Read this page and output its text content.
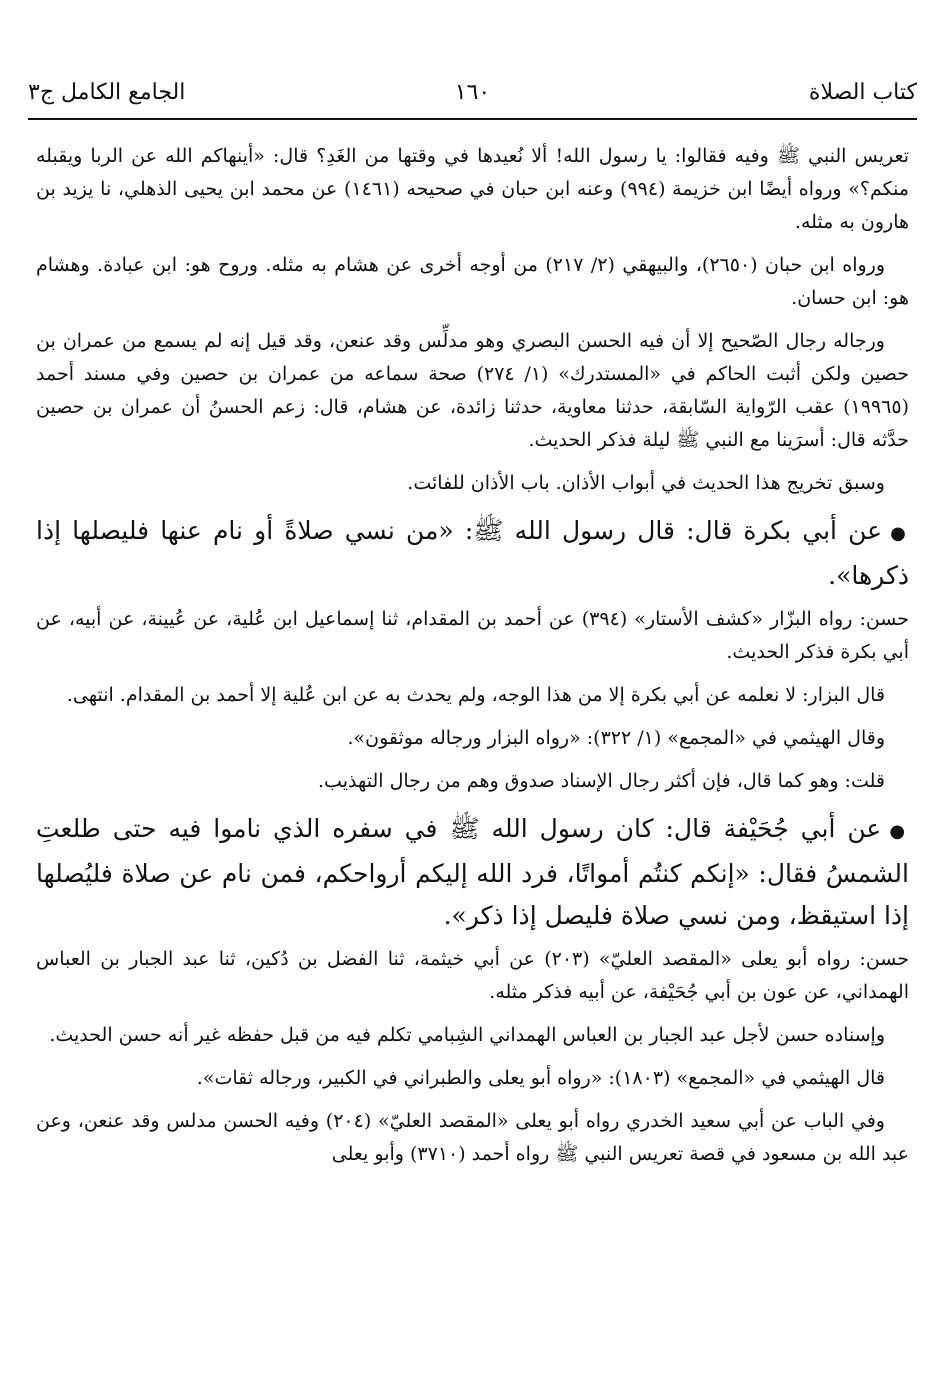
كتاب الصلاة
١٦٠
الجامع الكامل ج٣

تعريس النبي ﷺ وفيه فقالوا: يا رسول الله! ألا نُعيدها في وقتها من الغَدِ؟ قال: «أينهاكم الله عن الربا ويقبله منكم؟» ورواه أيضًا ابن خزيمة (٩٩٤) وعنه ابن حبان في صحيحه (١٤٦١) عن محمد ابن يحيى الذهلي، نا يزيد بن هارون به مثله.

ورواه ابن حبان (٢٦٥٠)، والبيهقي (٢/ ٢١٧) من أوجه أخرى عن هشام به مثله. وروح هو: ابن عبادة. وهشام هو: ابن حسان.

ورجاله رجال الصّحيح إلا أن فيه الحسن البصري وهو مدلِّس وقد عنعن، وقد قيل إنه لم يسمع من عمران بن حصين ولكن أثبت الحاكم في «المستدرك» (١/ ٢٧٤) صحة سماعه من عمران بن حصين وفي مسند أحمد (١٩٩٦٥) عقب الرّواية السّابقة، حدثنا معاوية، حدثنا زائدة، عن هشام، قال: زعم الحسنُ أن عمران بن حصين حدَّثه قال: أسرَينا مع النبي ﷺ ليلة فذكر الحديث.

وسبق تخريج هذا الحديث في أبواب الأذان. باب الأذان للفائت.

●عن أبي بكرة قال: قال رسول الله ﷺ: «من نسي صلاةً أو نام عنها فليصلها إذا ذكرها».

حسن: رواه البزّار «كشف الأستار» (٣٩٤) عن أحمد بن المقدام، ثنا إسماعيل ابن عُلية، عن عُيينة، عن أبيه، عن أبي بكرة فذكر الحديث.

قال البزار: لا نعلمه عن أبي بكرة إلا من هذا الوجه، ولم يحدث به عن ابن عُلية إلا أحمد بن المقدام. انتهى.

وقال الهيثمي في «المجمع» (١/ ٣٢٢): «رواه البزار ورجاله موثقون».

قلت: وهو كما قال، فإن أكثر رجال الإسناد صدوق وهم من رجال التهذيب.

●عن أبي جُحَيْفة قال: كان رسول الله ﷺ في سفره الذي ناموا فيه حتى طلعتِ الشمسُ فقال: «إنكم كنتُم أمواتًا، فرد الله إليكم أرواحكم، فمن نام عن صلاة فليُصلها إذا استيقظ، ومن نسي صلاة فليصل إذا ذكر».

حسن: رواه أبو يعلى «المقصد العليّ» (٢٠٣) عن أبي خيثمة، ثنا الفضل بن دُكين، ثنا عبد الجبار بن العباس الهمداني، عن عون بن أبي جُحَيْفة، عن أبيه فذكر مثله.

وإسناده حسن لأجل عبد الجبار بن العباس الهمداني الشِبامي تكلم فيه من قبل حفظه غير أنه حسن الحديث.

قال الهيثمي في «المجمع» (١٨٠٣): «رواه أبو يعلى والطبراني في الكبير، ورجاله ثقات».

وفي الباب عن أبي سعيد الخدري رواه أبو يعلى «المقصد العليّ» (٢٠٤) وفيه الحسن مدلس وقد عنعن، وعن عبد الله بن مسعود في قصة تعريس النبي ﷺ رواه أحمد (٣٧١٠) وأبو يعلى
